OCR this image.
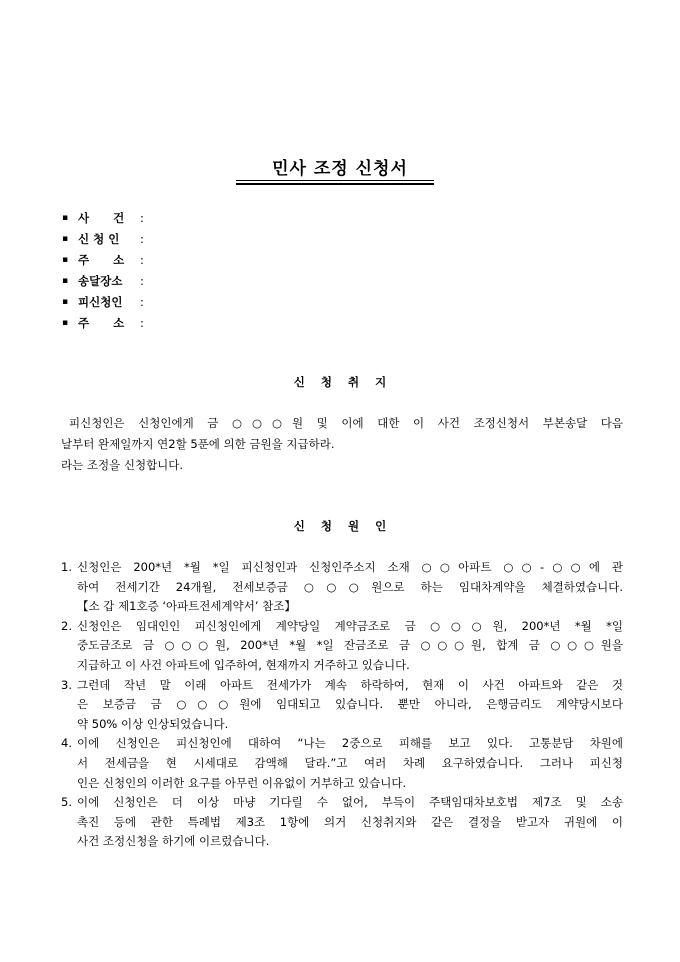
민사 조정 신청서
▪ 사      건	:
▪ 신 청 인	:
▪ 주      소	:
▪ 송달장소	:
▪ 피신청인	:
▪ 주      소	:
신    청    취    지

피신청인은 신청인에게 금 ○○○원 및 이에 대한 이 사건 조정신청서 부본송달 다음

날부터 완제일까지 연2할 5푼에 의한 금원을 지급하라.

라는 조정을 신청합니다.

신    청    원    인
1. 신청인은 200*년 *월 *일 피신청인과 신청인주소지 소재 ○○아파트 ○○-○○에 관
하여 전세기간 24개월, 전세보증금 ○○○원으로 하는 임대차계약을 체결하였습니다.
【소 갑 제1호증 ‘아파트전세계약서’ 참조】
2. 신청인은 임대인인 피신청인에게 계약당일 계약금조로 금 ○○○원, 200*년 *월 *일
중도금조로 금 ○○○원, 200*년 *월 *일 잔금조로 금 ○○○원, 합계 금 ○○○원을
지급하고 이 사건 아파트에 입주하여, 현재까지 거주하고 있습니다.
3. 그런데 작년 말 이래 아파트 전세가가 계속 하락하여, 현재 이 사건 아파트와 같은 것
은 보증금 금 ○○○원에 임대되고 있습니다. 뿐만 아니라, 은행금리도 계약당시보다
약 50% 이상 인상되었습니다.
4. 이에 신청인은 피신청인에 대하여 “나는 2중으로 피해를 보고 있다. 고통분담 차원에
서 전세금을 현 시세대로 감액해 달라.”고 여러 차례 요구하였습니다. 그러나 피신청
인은 신청인의 이러한 요구를 아무런 이유없이 거부하고 있습니다.
5. 이에 신청인은 더 이상 마냥 기다릴 수 없어, 부득이 주택임대차보호법 제7조 및 소송
촉진 등에 관한 특례법 제3조 1항에 의거 신청취지와 같은 결정을 받고자 귀원에 이
사건 조정신청을 하기에 이르렀습니다.
